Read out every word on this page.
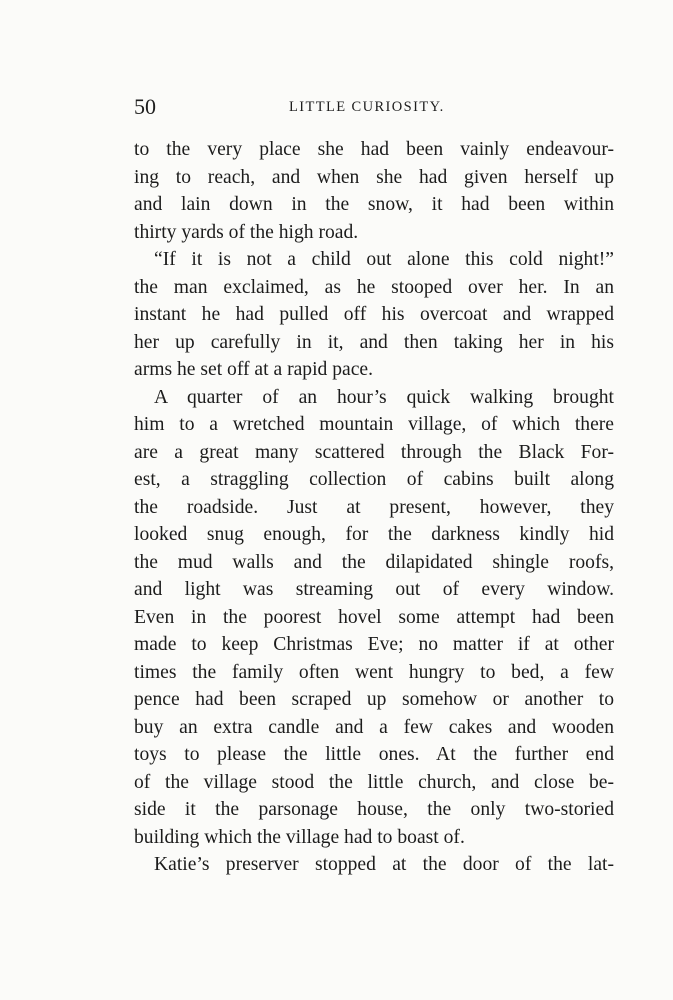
50	LITTLE CURIOSITY.
to the very place she had been vainly endeavour-
ing to reach, and when she had given herself up
and lain down in the snow, it had been within
thirty yards of the high road.
“If it is not a child out alone this cold night!”
the man exclaimed, as he stooped over her. In an
instant he had pulled off his overcoat and wrapped
her up carefully in it, and then taking her in his
arms he set off at a rapid pace.
A quarter of an hour’s quick walking brought
him to a wretched mountain village, of which there
are a great many scattered through the Black For-
est, a straggling collection of cabins built along
the roadside. Just at present, however, they
looked snug enough, for the darkness kindly hid
the mud walls and the dilapidated shingle roofs,
and light was streaming out of every window.
Even in the poorest hovel some attempt had been
made to keep Christmas Eve; no matter if at other
times the family often went hungry to bed, a few
pence had been scraped up somehow or another to
buy an extra candle and a few cakes and wooden
toys to please the little ones. At the further end
of the village stood the little church, and close be-
side it the parsonage house, the only two-storied
building which the village had to boast of.
Katie’s preserver stopped at the door of the lat-
